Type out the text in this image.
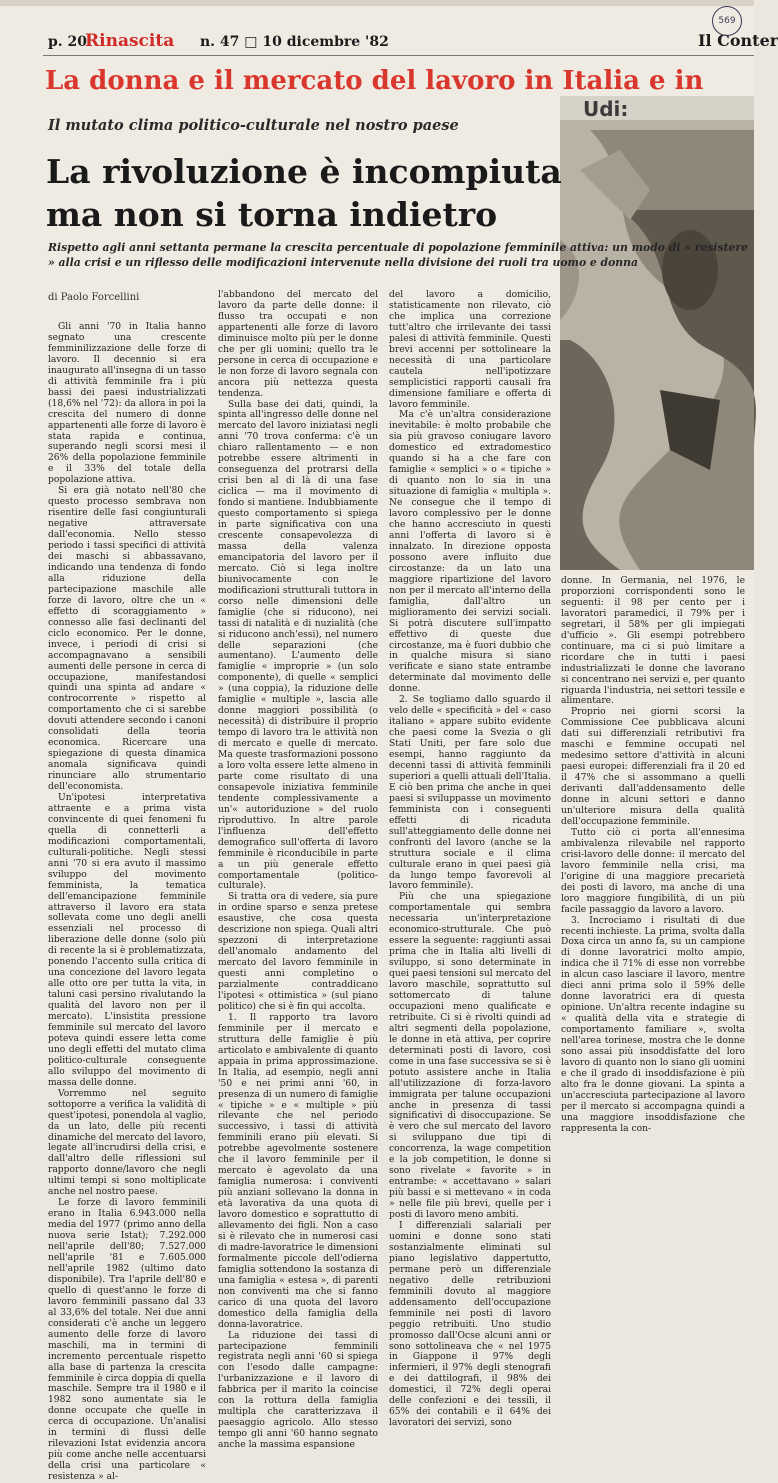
Udi:
p. 20
Rinascita n. 47 □ 10 dicembre '82	Il Conter
569
La donna e il mercato del lavoro in Italia e in
Il mutato clima politico-culturale nel nostro paese
La rivoluzione è incompiuta ma non si torna indietro
Rispetto agli anni settanta permane la crescita percentuale di popolazione femminile attiva: un modo di « resistere » alla crisi e un riflesso delle modificazioni intervenute nella divisione dei ruoli tra uomo e donna
di Paolo Forcellini

Gli anni '70 in Italia hanno segnato una crescente femminilizzazione delle forze di lavoro. Il decennio si era inaugurato all'insegna di un tasso di attività femminile fra i più bassi dei paesi industrializzati (18,6% nel '72): da allora in poi la crescita del numero di donne appartenenti alle forze di lavoro è stata rapida e continua, superando negli scorsi mesi il 26% della popolazione femminile e il 33% del totale della popolazione attiva.

Si era già notato nell'80 che questo processo sembrava non risentire delle fasi congiunturali negative attraversate dall'economia. Nello stesso periodo i tassi specifici di attività dei maschi si abbassavano, indicando una tendenza di fondo alla riduzione della partecipazione maschile alle forze di lavoro, oltre che un « effetto di scoraggiamento » connesso alle fasi declinanti del ciclo economico. Per le donne, invece, i periodi di crisi si accompagnavano a sensibili aumenti delle persone in cerca di occupazione, manifestandosi quindi una spinta ad andare « controcorrente » rispetto al comportamento che ci si sarebbe dovuti attendere secondo i canoni consolidati della teoria economica. Ricercare una spiegazione di questa dinamica anomala significava quindi rinunciare allo strumentario dell'economista.

Un'ipotesi interpretativa attraente e a prima vista convincente di quei fenomeni fu quella di connetterli a modificazioni comportamentali, culturali-politiche. Negli stessi anni '70 si era avuto il massimo sviluppo del movimento femminista, la tematica dell'emancipazione femminile attraverso il lavoro era stata sollevata come uno degli anelli essenziali nel processo di liberazione delle donne (solo più di recente la si è problematizzata, ponendo l'accento sulla critica di una concezione del lavoro legata alle otto ore per tutta la vita, in taluni casi persino rivalutando la qualità del lavoro non per il mercato). L'insistita pressione femminile sul mercato del lavoro poteva quindi essere letta come uno degli effetti del mutato clima politico-culturale conseguente allo sviluppo del movimento di massa delle donne.

Vorremmo nel seguito sottoporre a verifica la validità di quest'ipotesi, ponendola al vaglio, da un lato, delle più recenti dinamiche del mercato del lavoro, legate all'incrudirsi della crisi, e dall'altro delle riflessioni sul rapporto donne/lavoro che negli ultimi tempi si sono moltiplicate anche nel nostro paese.

Le forze di lavoro femminili erano in Italia 6.943.000 nella media del 1977 (primo anno della nuova serie Istat); 7.292.000 nell'aprile dell'80; 7.527.000 nell'aprile '81 e 7.605.000 nell'aprile 1982 (ultimo dato disponibile). Tra l'aprile dell'80 e quello di quest'anno le forze di lavoro femminili passano dal 33 al 33,6% del totale. Nei due anni considerati c'è anche un leggero aumento delle forze di lavoro maschili, ma in termini di incremento percentuale rispetto alla base di partenza la crescita femminile è circa doppia di quella maschile. Sempre tra il 1980 e il 1982 sono aumentate sia le donne occupate che quelle in cerca di occupazione. Un'analisi in termini di flussi delle rilevazioni Istat evidenzia ancora più come anche nelle accentuarsi della crisi una particolare « resistenza » al-

l'abbandono del mercato del lavoro da parte delle donne: il flusso tra occupati e non appartenenti alle forze di lavoro diminuisce molto più per le donne che per gli uomini; quello tra le persone in cerca di occupazione e le non forze di lavoro segnala con ancora più nettezza questa tendenza.

Sulla base dei dati, quindi, la spinta all'ingresso delle donne nel mercato del lavoro iniziatasi negli anni '70 trova conferma: c'è un chiaro rallentamento — e non potrebbe essere altrimenti in conseguenza del protrarsi della crisi ben al di là di una fase ciclica — ma il movimento di fondo si mantiene. Indubbiamente questo comportamento si spiega in parte significativa con una crescente consapevolezza di massa della valenza emancipatoria del lavoro per il mercato. Ciò si lega inoltre biunivocamente con le modificazioni strutturali tuttora in corso nelle dimensioni delle famiglie (che si riducono), nei tassi di natalità e di nuzialità (che si riducono anch'essi), nel numero delle separazioni (che aumentano). L'aumento delle famiglie « improprie » (un solo componente), di quelle « semplici » (una coppia), la riduzione delle famiglie « multiple », lascia alle donne maggiori possibilità (o necessità) di distribuire il proprio tempo di lavoro tra le attività non di mercato e quelle di mercato. Ma queste trasformazioni possono a loro volta essere lette almeno in parte come risultato di una consapevole iniziativa femminile tendente complessivamente a un'« autoriduzione » del ruolo riproduttivo. In altre parole l'influenza dell'effetto demografico sull'offerta di lavoro femminile è riconducibile in parte a un più generale effetto comportamentale (politico-culturale).

Si tratta ora di vedere, sia pure in ordine sparso e senza pretese esaustive, che cosa questa descrizione non spiega. Quali altri spezzoni di interpretazione dell'anomalo andamento del mercato del lavoro femminile in questi anni completino o parzialmente contraddicano l'ipotesi « ottimistica » (sul piano politico) che si è fin qui accolta.

1. Il rapporto tra lavoro femminile per il mercato e struttura delle famiglie è più articolato e ambivalente di quanto appaia in prima approssimazione. In Italia, ad esempio, negli anni '50 e nei primi anni '60, in presenza di un numero di famiglie « tipiche » e « multiple » più rilevante che nel periodo successivo, i tassi di attività femminili erano più elevati. Si potrebbe agevolmente sostenere che il lavoro femminile per il mercato è agevolato da una famiglia numerosa: i conviventi più anziani sollevano la donna in età lavorativa da una quota di lavoro domestico e soprattutto di allevamento dei figli. Non a caso si è rilevato che in numerosi casi di madre-lavoratrice le dimensioni formalmente piccole dell'odierna famiglia sottendono la sostanza di una famiglia « estesa », di parenti non conviventi ma che si fanno carico di una quota del lavoro domestico della famiglia della donna-lavoratrice.

La riduzione dei tassi di partecipazione femminili registrata negli anni '60 si spiega con l'esodo dalle campagne: l'urbanizzazione e il lavoro di fabbrica per il marito la coincise con la rottura della famiglia multipla che caratterizzava il paesaggio agricolo. Allo stesso tempo gli anni '60 hanno segnato anche la massima espansione

del lavoro a domicilio, statisticamente non rilevato, ciò che implica una correzione tutt'altro che irrilevante dei tassi palesi di attività femminile. Questi brevi accenni per sottolineare la necessità di una particolare cautela nell'ipotizzare semplicistici rapporti causali fra dimensione familiare e offerta di lavoro femminile.

Ma c'è un'altra considerazione inevitabile: è molto probabile che sia più gravoso coniugare lavoro domestico ed extradomestico quando si ha a che fare con famiglie « semplici » o « tipiche » di quanto non lo sia in una situazione di famiglia « multipla ». Ne consegue che il tempo di lavoro complessivo per le donne che hanno accresciuto in questi anni l'offerta di lavoro si è innalzato. In direzione opposta possono avere influito due circostanze: da un lato una maggiore ripartizione del lavoro non per il mercato all'interno della famiglia, dall'altro un miglioramento dei servizi sociali. Si potrà discutere sull'impatto effettivo di queste due circostanze, ma è fuori dubbio che in qualche misura si siano verificate e siano state entrambe determinate dal movimento delle donne.

2. Se togliamo dallo sguardo il velo delle « specificità » del « caso italiano » appare subito evidente che paesi come la Svezia o gli Stati Uniti, per fare solo due esempi, hanno raggiunto da decenni tassi di attività femminili superiori a quelli attuali dell'Italia. E ciò ben prima che anche in quei paesi si sviluppasse un movimento femminista con i conseguenti effetti di ricaduta sull'atteggiamento delle donne nei confronti del lavoro (anche se la struttura sociale e il clima culturale erano in quei paesi già da lungo tempo favorevoli al lavoro femminile).

Più che una spiegazione comportamentale qui sembra necessaria un'interpretazione economico-strutturale. Che può essere la seguente: raggiunti assai prima che in Italia alti livelli di sviluppo, si sono determinate in quei paesi tensioni sul mercato del lavoro maschile, soprattutto sul sottomercato di talune occupazioni meno qualificate e retribuite. Ci si è rivolti quindi ad altri segmenti della popolazione, le donne in età attiva, per coprire determinati posti di lavoro, così come in una fase successiva se si è potuto assistere anche in Italia all'utilizzazione di forza-lavoro immigrata per talune occupazioni anche in presenza di tassi significativi di disoccupazione. Se è vero che sul mercato del lavoro si sviluppano due tipi di concorrenza, la wage competition e la job competition, le donne si sono rivelate « favorite » in entrambe: « accettavano » salari più bassi e si mettevano « in coda » nelle file più brevi, quelle per i posti di lavoro meno ambiti.

I differenziali salariali per uomini e donne sono stati sostanzialmente eliminati sul piano legislativo dappertutto, permane però un differenziale negativo delle retribuzioni femminili dovuto al maggiore addensamento dell'occupazione femminile nei posti di lavoro peggio retribuiti. Uno studio promosso dall'Ocse alcuni anni or sono sottolineava che « nel 1975 in Giappone il 97% degli infermieri, il 97% degli stenografi e dei dattilografi, il 98% dei domestici, il 72% degli operai delle confezioni e dei tessili, il 65% dei contabili e il 64% dei lavoratori dei servizi, sono

donne. In Germania, nel 1976, le proporzioni corrispondenti sono le seguenti: il 98 per cento per i lavoratori paramedici, il 79% per i segretari, il 58% per gli impiegati d'ufficio ». Gli esempi potrebbero continuare, ma ci si può limitare a ricordare che in tutti i paesi industrializzati le donne che lavorano si concentrano nei servizi e, per quanto riguarda l'industria, nei settori tessile e alimentare.

Proprio nei giorni scorsi la Commissione Cee pubblicava alcuni dati sui differenziali retributivi fra maschi e femmine occupati nel medesimo settore d'attività in alcuni paesi europei: differenziali fra il 20 ed il 47% che si assommano a quelli derivanti dall'addensamento delle donne in alcuni settori e danno un'ulteriore misura della qualità dell'occupazione femminile.

Tutto ciò ci porta all'ennesima ambivalenza rilevabile nel rapporto crisi-lavoro delle donne: il mercato del lavoro femminile nella crisi, ma l'origine di una maggiore precarietà dei posti di lavoro, ma anche di una loro maggiore fungibilità, di un più facile passaggio da lavoro a lavoro.

3. Incrociamo i risultati di due recenti inchieste. La prima, svolta dalla Doxa circa un anno fa, su un campione di donne lavoratrici molto ampio, indica che il 71% di esse non vorrebbe in alcun caso lasciare il lavoro, mentre dieci anni prima solo il 59% delle donne lavoratrici era di questa opinione. Un'altra recente indagine su « qualità della vita e strategie di comportamento familiare », svolta nell'area torinese, mostra che le donne sono assai più insoddisfatte del loro lavoro di quanto non lo siano gli uomini e che il grado di insoddisfazione è più alto fra le donne giovani. La spinta a un'accresciuta partecipazione al lavoro per il mercato si accompagna quindi a una maggiore insoddisfazione che rappresenta la con-
